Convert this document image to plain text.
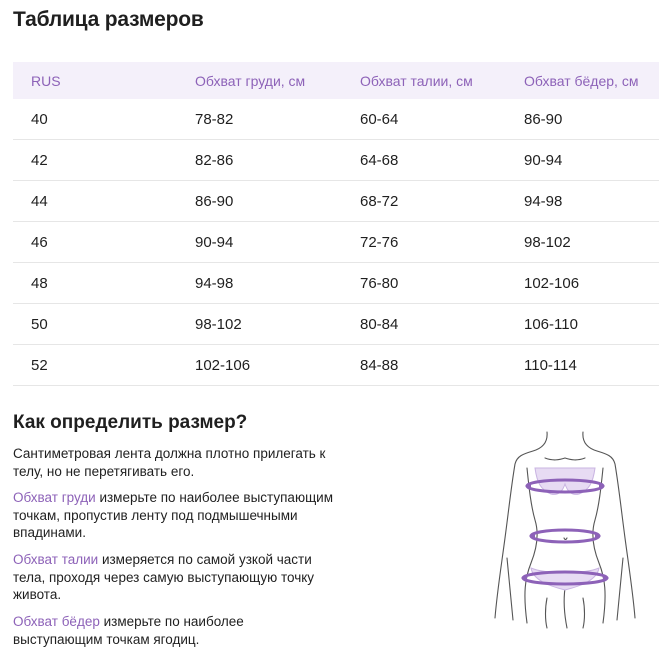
Таблица размеров
RUS	Обхват груди, см	Обхват талии, см	Обхват бёдер, см
40	78-82	60-64	86-90
42	82-86	64-68	90-94
44	86-90	68-72	94-98
46	90-94	72-76	98-102
48	94-98	76-80	102-106
50	98-102	80-84	106-110
52	102-106	84-88	110-114
Как определить размер?
Сантиметровая лента должна плотно прилегать к телу, но не перетягивать его.
Обхват груди измерьте по наиболее выступающим точкам, пропустив ленту под подмышечными впадинами.
Обхват талии измеряется по самой узкой части тела, проходя через самую выступающую точку живота.
Обхват бёдер измерьте по наиболее выступающим точкам ягодиц.
